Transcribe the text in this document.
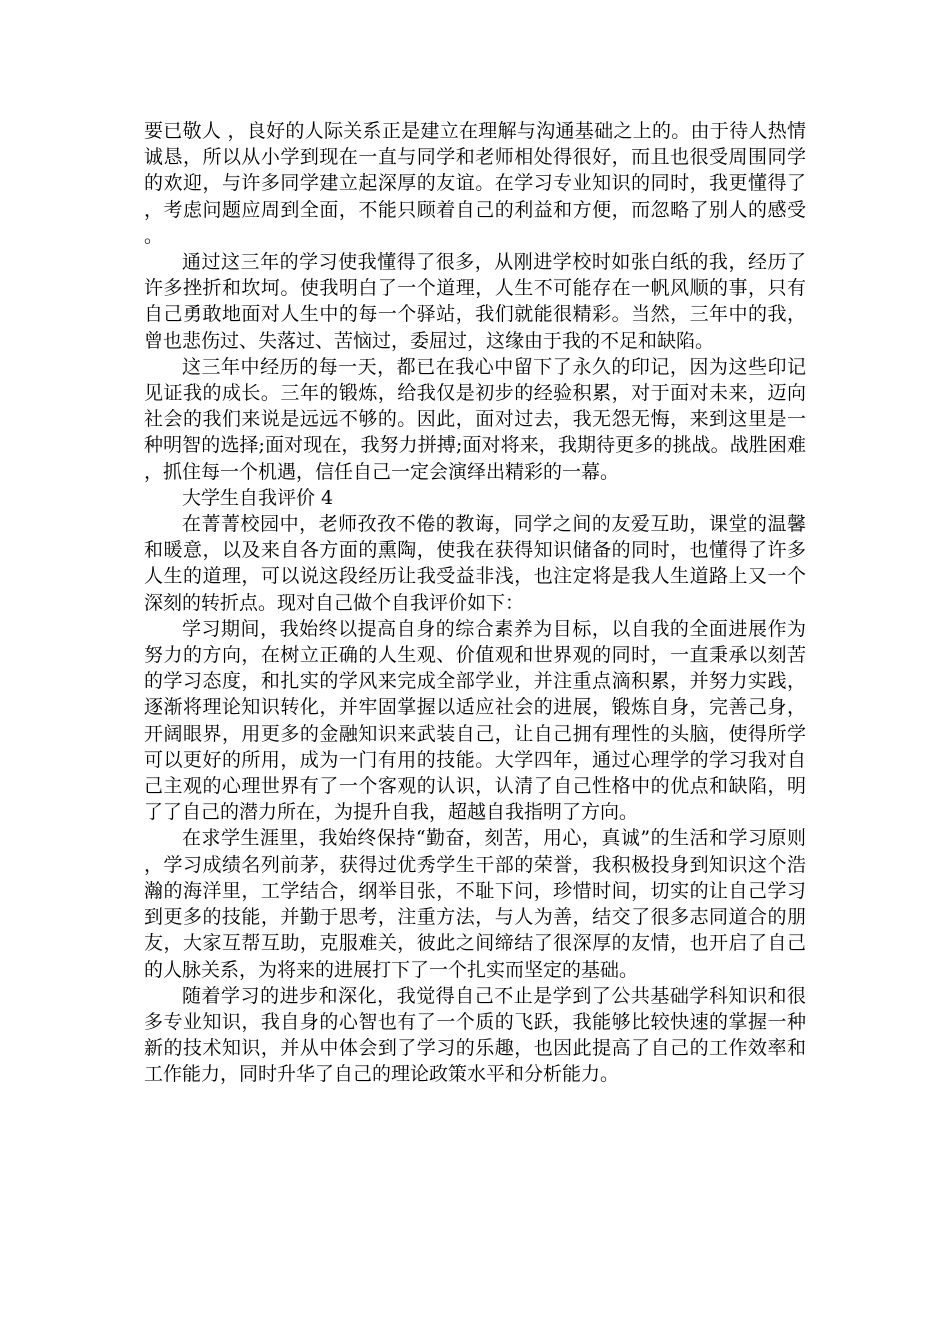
要已敬人 ，良好的人际关系正是建立在理解与沟通基础之上的。由于待人热情诚恳，所以从小学到现在一直与同学和老师相处得很好，而且也很受周围同学的欢迎，与许多同学建立起深厚的友谊。在学习专业知识的同时，我更懂得了，考虑问题应周到全面，不能只顾着自己的利益和方便，而忽略了别人的感受。

通过这三年的学习使我懂得了很多，从刚进学校时如张白纸的我，经历了许多挫折和坎坷。使我明白了一个道理，人生不可能存在一帆风顺的事，只有自己勇敢地面对人生中的每一个驿站，我们就能很精彩。当然，三年中的我，曾也悲伤过、失落过、苦恼过，委屈过，这缘由于我的不足和缺陷。

这三年中经历的每一天，都已在我心中留下了永久的印记，因为这些印记见证我的成长。三年的锻炼，给我仅是初步的经验积累，对于面对未来，迈向社会的我们来说是远远不够的。因此，面对过去，我无怨无悔，来到这里是一种明智的选择;面对现在，我努力拼搏;面对将来，我期待更多的挑战。战胜困难，抓住每一个机遇，信任自己一定会演绎出精彩的一幕。

大学生自我评价 4

在菁菁校园中，老师孜孜不倦的教诲，同学之间的友爱互助，课堂的温馨和暖意，以及来自各方面的熏陶，使我在获得知识储备的同时，也懂得了许多人生的道理，可以说这段经历让我受益非浅，也注定将是我人生道路上又一个深刻的转折点。现对自己做个自我评价如下：

学习期间，我始终以提高自身的综合素养为目标，以自我的全面进展作为努力的方向，在树立正确的人生观、价值观和世界观的同时，一直秉承以刻苦的学习态度，和扎实的学风来完成全部学业，并注重点滴积累，并努力实践，逐渐将理论知识转化，并牢固掌握以适应社会的进展，锻炼自身，完善己身，开阔眼界，用更多的金融知识来武装自己，让自己拥有理性的头脑，使得所学可以更好的所用，成为一门有用的技能。大学四年，通过心理学的学习我对自己主观的心理世界有了一个客观的认识，认清了自己性格中的优点和缺陷，明了了自己的潜力所在，为提升自我，超越自我指明了方向。

在求学生涯里，我始终保持“勤奋，刻苦，用心，真诚”的生活和学习原则，学习成绩名列前茅，获得过优秀学生干部的荣誉，我积极投身到知识这个浩瀚的海洋里，工学结合，纲举目张，不耻下问，珍惜时间，切实的让自己学习到更多的技能，并勤于思考，注重方法，与人为善，结交了很多志同道合的朋友，大家互帮互助，克服难关，彼此之间缔结了很深厚的友情，也开启了自己的人脉关系，为将来的进展打下了一个扎实而坚定的基础。

随着学习的进步和深化，我觉得自己不止是学到了公共基础学科知识和很多专业知识，我自身的心智也有了一个质的飞跃，我能够比较快速的掌握一种新的技术知识，并从中体会到了学习的乐趣，也因此提高了自己的工作效率和工作能力，同时升华了自己的理论政策水平和分析能力。
